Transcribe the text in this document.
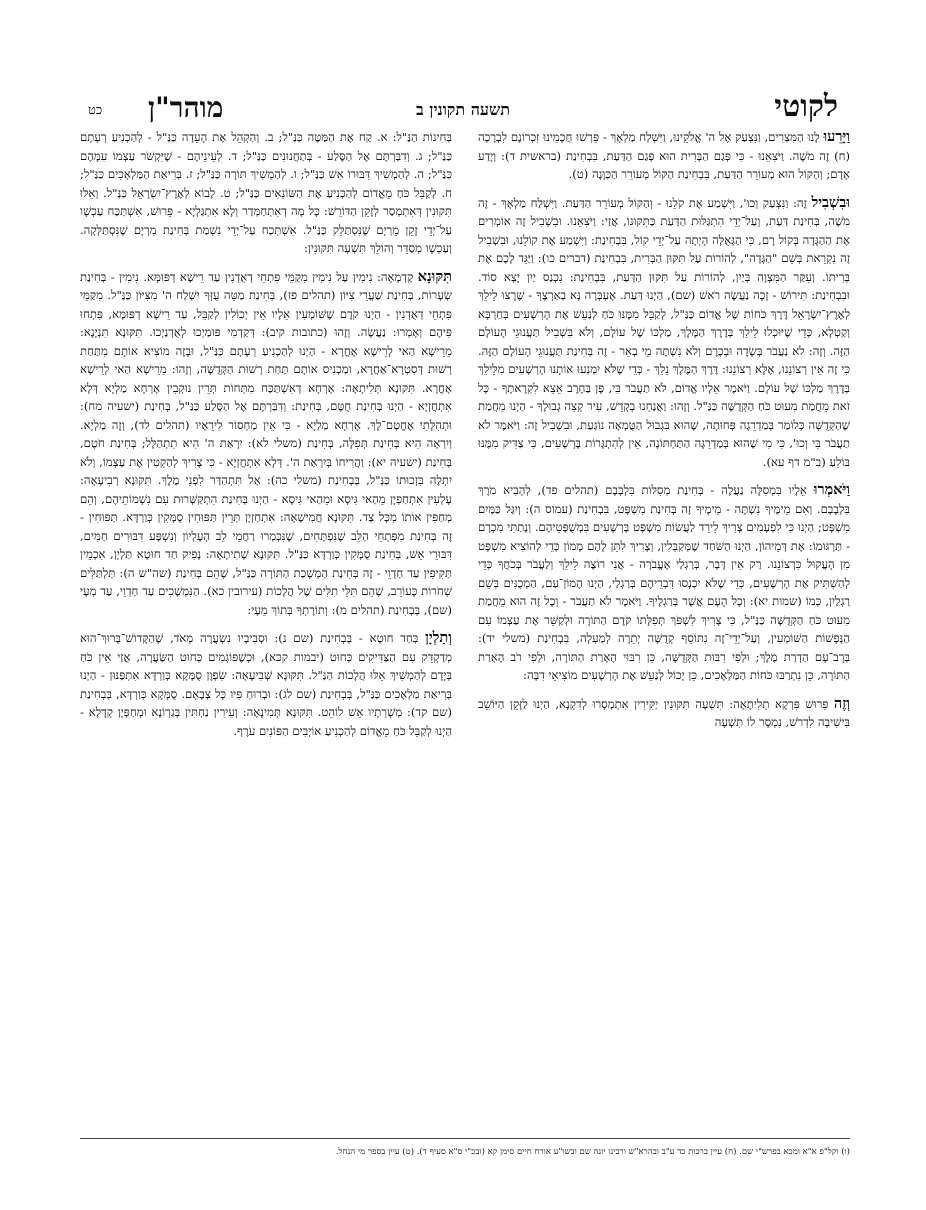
לקוטי
תשעה תקונין ב
מוהר"ן
כט

וַיָּרֵעוּ לָנוּ הַמִּצְרִים, וַנִּצְעַק אֶל ה' אֱלֹקֵינוּ, וַיִּשְׁלַח מַלְאָךְ - פֵּרְשׁוּ חֲכָמֵינוּ זִכְרוֹנָם לִבְרָכָה (ח) זֶה מֹשֶׁה. וַיֹּצִאֵנוּ - כִּי פְּגַם הַבְּרִית הוּא פְּגַם הַדַּעַת, בִּבְחִינַת (בראשית ד): וְיָדַע אָדָם; וְהַקּוֹל הוּא מְעוֹרֵר הַדַּעַת, בִּבְחִינַת הַקּוֹל מְעוֹרֵר הַכַּוָּנָה (ט).

וּבִשְׁבִיל זֶה: וַנִּצְעַק וְכוּ', וַיִּשְׁמַע אֶת קֹלֵנוּ - וְהַקּוֹל מְעוֹרֵר הַדַּעַת. וַיִּשְׁלַח מַלְאָךְ - זֶה מֹשֶׁה, בְּחִינַת דַּעַת, וְעַל־יְדֵי הִתְגַּלּוּת הַדַּעַת כַּתִּקּוּנוֹ, אֲזַי: וַיֹּצִאֵנוּ. וּבִשְׁבִיל זֶה אוֹמְרִים אֶת הַהַגָּדָה בְּקוֹל רָם, כִּי הַגְּאֻלָּה הָיְתָה עַל־יְדֵי קוֹל, בִּבְחִינַת: וַיִּשְׁמַע אֶת קוֹלֵנוּ, וּבִשְׁבִיל זֶה נִקְרֵאת בְּשֵׁם "הַגָּדָה", לְהוֹרוֹת עַל תִּקּוּן הַבְּרִית, בִּבְחִינַת (דברים כו): וַיַּגֵּד לָכֶם אֶת בְּרִיתוֹ. וְעִקַּר הַמִּצְוָה בְּיַיִן, לְהוֹרוֹת עַל תִּקּוּן הַדַּעַת, בִּבְחִינַת: נִכְנַס יַיִן יָצָא סוֹד. וּבִבְחִינַת: תִּירוֹשׁ - זָכָה נַעֲשֶׂה רֹאשׁ (שם), הַיְנוּ דַּעַת. אֶעְבְּרָה נָּא בְאַרְצֶךָ - שֶׁרָצוּ לֵילֵךְ לְאֶרֶץ־יִשְׂרָאֵל דֶּרֶךְ כֹּחוֹת שֶׁל אֱדוֹם כַּנַּ"ל, לְקַבֵּל מִמֶּנּוּ כֹּחַ לְנַעֵשׁ אֶת הָרְשָׁעִים בְּחַרְבָּא וְקַטְלָא, כְּדֵי שֶׁיּוּכְלוּ לֵילֵךְ בְּדֶרֶךְ הַמֶּלֶךְ, מַלְכּוֹ שֶׁל עוֹלָם, וְלֹא בִּשְׁבִיל תַּעֲנוּגֵי הָעוֹלָם הַזֶּה. וְזֶה: לֹא נַעֲבֹר בְּשָׂדֶה וּבְכֶרֶם וְלֹא נִשְׁתֶּה מֵי בְאֵר - זֶה בְּחִינַת תַּעֲנוּגֵי הָעוֹלָם הַזֶּה. כִּי זֶה אֵין רְצוֹנֵנוּ, אֶלָּא רְצוֹנֵנוּ: דֶּרֶךְ הַמֶּלֶךְ נֵלֵךְ - כְּדֵי שֶׁלֹּא יִמְנְעוּ אוֹתָנוּ הָרְשָׁעִים מִלֵּילֵךְ בְּדֶרֶךְ מַלְכּוֹ שֶׁל עוֹלָם. וַיֹּאמֶר אֵלָיו אֱדוֹם, לֹא תַעֲבֹר בִּי, פֶּן בַּחֶרֶב אֵצֵא לִקְרָאתֶךָ - כָּל זֹאת מֵחֲמַת מִעוּט כֹּחַ הַקְּדֻשָּׁה כַּנַּ"ל. וְזֶהוּ: וַאֲנַחְנוּ בְקָדֵשׁ, עִיר קְצֵה גְבוּלֶךָ - הַיְנוּ מֵחֲמַת שֶׁהַקְּדֻשָּׁה כְּלוֹמַר בְּמַדְרֵגָה פְּחוּתָה, שֶׁהוּא בִּגְבוּל הַטֻּמְאָה נוֹגַעַת, וּבִשְׁבִיל זֶה: וַיֹּאמֶר לֹא תַעֲבֹר בִּי וְכוּ', כִּי מִי שֶׁהוּא בְּמַדְרֵגָה הַתַּחְתּוֹנָה, אֵין לְהִתְגָּרוֹת בָּרְשָׁעִים, כִּי צַדִּיק מִמֶּנּוּ בּוֹלֵעַ (ב"מ דף עא).

וַיֹּאמְרוּ אֵלָיו בִּמְסִלָּה נַעֲלֶה - בְּחִינַת מְסִלּוֹת בִּלְבָבָם (תהלים פד), לְהָבִיא מֹרֶךְ בִּלְבָבָם. וְאִם מֵימֶיךָ נִשְׁתֶּה - מֵימֶיךָ זֶה בְּחִינַת מִשְׁפָּט, בִּבְחִינַת (עמוס ה): וְיִגַּל כַּמַּיִם מִשְׁפָּט; הַיְנוּ כִּי לִפְעָמִים צָרִיךְ לֵירֵד לַעֲשׂוֹת מִשְׁפָּט בָּרְשָׁעִים בִּמְשֻׁפָּטֵיהֶם. וְנָתַתִּי מִכְרָם - תַּרְגּוּמוֹ: אֶת דְּמֵיהוֹן, הַיְנוּ הַשֹּׁחַד שֶׁמְּקַבְּלִין, וְצָרִיךְ לִתֵּן לָהֶם מָמוֹן כְּדֵי לְהוֹצִיא מִשְׁפָּט מִן הָעֲקוּל כִּרְצוֹנֵנוּ. רַק אֵין דָּבָר, בְּרַגְלַי אֶעֱבֹרָה - אֲנִי רוֹצֶה לֵילֵךְ וְלַעֲבֹר בְּכֹחֲךָ כְּדֵי לְהַשְׁתִּיק אֶת הָרְשָׁעִים, כְּדֵי שֶׁלֹּא יִכְנְסוּ דִּבְרֵיהֶם בְּרַגְלַי, הַיְנוּ הֶמוֹן־עַם, הַמְכֻנִּים בְּשֵׁם רַגְלַיִן, כְּמוֹ (שמות יא): וְכָל הָעָם אֲשֶׁר בְּרַגְלֶיךָ. וַיֹּאמֶר לֹא תַעֲבֹר - וְכָל זֶה הוּא מֵחֲמַת מִעוּט כֹּחַ הַקְּדֻשָּׁה כַּנַּ"ל, כִּי צָרִיךְ לִשְׁפֹּךְ תְּפִלָּתוֹ קֹדֶם הַתּוֹרָה וּלְקַשֵּׁר אֶת עַצְמוֹ עִם הַנְּפָשׁוֹת הַשּׁוֹמְעִין, וְעַל־יְדֵי־זֶה נִתּוֹסֵף קְדֻשָּׁה יְתֵרָה לְמַעְלָה, בִּבְחִינַת (משלי יד): בְּרָב־עָם הַדְרַת מֶלֶךְ; וּלְפִי רִבּוּת הַקְּדֻשָּׁה, כֵּן רִבּוּי הֶאָרַת הַתּוֹרָה, וּלְפִי רֹב הֶאָרַת הַתּוֹרָה, כֵּן נִתְרַבּוּ כֹּחוֹת הַמַּלְאָכִים, כֵּן יָכוֹל לְנַעֵשׁ אֶת הָרְשָׁעִים מוֹצִיאֵי דִבָּה:

וְזֶה פֵּרוּשׁ פִּרְקָא תְלִיתָאָה: תִּשְׁעָה תִּקּוּנִין יַקִּירִין אִתְמְסָרוּ לְדִקְנָא, הַיְנוּ לַזָּקֵן הַיּוֹשֵׁב בִּישִׁיבָה לִדְרֹשׁ, נִמְסָר לוֹ תִּשְׁעָה

בְּחִינוֹת הַנַּ"ל: א. קַח אֶת הַמַּטֶּה כַּנַּ"ל; ב. וְהַקְהֵל אֶת הָעֵדָה כַּנַּ"ל - לְהַכְנִיעַ רְעָתָם כַּנַּ"ל; ג. וְדִבַּרְתֶּם אֶל הַסֶּלַע - בְּתַחֲנוּנִים כַּנַּ"ל; ד. לְעֵינֵיהֶם - שֶׁיִּקְשֹׁר עַצְמוֹ עִמָּהֶם כַּנַּ"ל; ה. לְהַמְשִׁיךְ דִּבּוּרוֹ אִשׁ כַּנַּ"ל; ו. לְהַמְשִׁיךְ תּוֹרָה כַּנַּ"ל; ז. בְּרִיאַת הַמַּלְאָכִים כַּנַּ"ל; ח. לְקַבֵּל כֹּחַ מֵאֱדוֹם לְהַכְנִיעַ אֶת הַשּׂוֹנְאִים כַּנַּ"ל; ט. לָבוֹא לְאֶרֶץ־יִשְׂרָאֵל כַּנַּ"ל. וְאֵלּוּ תִּקּוּנִין דְּאִתְמְסַר לְזָקֵן הַדּוֹרֵשׁ: כָּל מָה דְאִתְחַמְּדַר וְלָא אִתְגַּלְיָא - פֵּרוּשׁ, אִשְׁתַּכַּח עַכְשָׁו עַל־יְדֵי זָקֵן מֵרְיָם שֶׁנִּסְתַּלֵּק כַּנַּ"ל. אִשְׁתְּכַח עַל־יְדֵי נִשְׁמַת בְּחִינַת מִרְיָם שֶׁנִּסְתַּלְּקָה. וְעַכְשָׁו מְסַדֵּר וְהוֹלֵךְ תִּשְׁעָה תִּקּוּנִין:

תִּקּוּנָא קַדְמָאָה: נִימִין עַל נִימִין מִקַּמֵּי פִּתְחֵי דְאֻדְנִין עַד רֵישָׁא דְפּוּמָּא. נִימִין - בְּחִינַת שְׂעָרוֹת, בְּחִינַת שַׁעֲרֵי צִיּוֹן (תהלים פז), בְּחִינַת מַטֵּה עֻזְּךָ יִשְׁלַח ה' מִצִּיּוֹן כַּנַּ"ל. מִקַּמֵּי פִּתְחֵי דְאֻדְנִין - הַיְנוּ קֹדֶם שֶׁשּׁוֹמְעִין אֵלָיו אֵין יְכוֹלִין לְקַבֵּל, עַד רֵישָׁא דְפּוּמָּא, פִּתְחוּ פִּיהֶם וְאָמְרוּ: נַעֲשֶׂה. וְזֶהוּ (כתובות קיב): דְּקַדְמִי פּוּמַיְכוּ לְאֻדְנַיְכוּ. תִּקּוּנָא תִּנְיָנָא: מֵרֵישָׁא הַאי לְרֵישָׁא אָחֳרָא - הַיְנוּ לְהַכְנִיעַ רְעָתָם כַּנַּ"ל, וּבָזֶה מוֹצִיא אוֹתָם מִתַּחַת רְשׁוּת דְּסִטְרָא־אַחֲרָא, וּמַכְנִיס אוֹתָם תַּחַת רְשׁוּת הַקְּדֻשָּׁה, וְזֶהוּ: מֵרֵישָׁא הַאי לְרֵישָׁא אָחֳרָא. תִּקּוּנָא תְּלִיתָאָה: אָרְחָא דְּאִשְׁתַּכַּח מִתְּחוֹת תְּרֵין נוּקְבִין אָרְחָא מַלְיָא דְּלָא אִתְחֲזְיָא - הַיְנוּ בְּחִינַת חֻטֶּם, בְּחִינַת: וְדִבַּרְתֶּם אֶל הַסֶּלַע כַּנַּ"ל, בְּחִינַת (ישעיה מח): וּתְהִלָּתִי אֶחֱטָם־לָךְ. אָרְחָא מַלְיָא - כִּי אֵין מַחְסוֹר לִירֵאָיו (תהלים לד), וְזֶה מַלְיָא. וְיִרְאָה הִיא בְּחִינַת תְּפִלָּה, בְּחִינַת (משלי לא): יִרְאַת ה' הִיא תִתְהַלָּל; בְּחִינַת חֹטֶם, בְּחִינַת (ישעיה יא): וַהֲרִיחוֹ בְּיִרְאַת ה'. דְּלָא אִתְחֲזְיָא - כִּי צָרִיךְ לְהַקְטִין אֶת עַצְמוֹ, וְלֹא יִתְלֶה בִּזְכוּתוֹ כַּנַּ"ל, בְּבְחִינַת (משלי כה): אַל תִּתְהַדַּר לִפְנֵי מֶלֶךְ. תִּקּוּנָא רְבִיעָאָה: עָלְעִין אִתְחַפְיָן מֵהַאי גִּיסָא וּמֵהַאי גִּיסָא - הַיְנוּ בְּחִינַת הִתְקַשְּׁרוּת עִם נִשְׁמוֹתֵיהֶם, וְהֵם מְחַפִּין אוֹתוֹ מִכָּל צַד. תִּקּוּנָא חֲמִישָׁאָה: אִתְחַזְיָן תְּרֵין תַּפּוּחִין סֻמָּקִין כְּוַרְדָּא. תַּפּוּחִין - זֶה בְּחִינַת מִפְּתְחֵי הַלֵּב שֶׁנִּפְתָּחִים, שֶׁנִּכְמְרוּ רַחֲמֵי לֵב הָעֶלְיוֹן וְנִשְׁפָּע דִּבּוּרִים חַמִּים, דִּבּוּרֵי אֵשׁ, בְּחִינַת סֻמָּקִין כְּוַרְדָּא כַּנַּ"ל. תִּקּוּנָא שְׁתִיתָאָה: נָפִיק חַד חוּטָא תַּלְיָן, אִכְמֵין תַּקִּיפִין עַד חַדְוֵי - זֶה בְּחִינַת הַמְשָׁכַת הַתּוֹרָה כַּנַּ"ל, שֶׁהֵם בְּחִינַת (שה"ש ה): תַּלְתַּלִּים שְׁחֹרוֹת כָּעוֹרֵב, שֶׁהֵם תִּלֵּי תִלִּים שֶׁל הֲלָכוֹת (עירובין כא). הַנִּמְשָׁכִים עַד חַדְוֵי, עַד מְעָי (שם), בְּבְחִינַת (תהלים מ): וְתוֹרָתְךָ בְּתוֹךְ מֵעָי:

וְתַלְיָן בְּחַד חוּטָא - בְּבְחִינַת (שם נ): וּסְבִיבָיו נִשְׂעֲרָה מְאֹד, שֶׁהַקָּדוֹשׁ־בָּרוּךְ־הוּא מְדַקְדֵּק עִם הַצַּדִּיקִים כְּחוּט (יבמות קכא), וּכְשֶׁפּוֹגְמִים כְּחוּט הַשַּׂעֲרָה, אֲזַי אֵין כֹּחַ בְּיָדָם לְהַמְשִׁיךְ אֵלּוּ הֲלָכוֹת הַנַּ"ל. תִּקּוּנָא שְׁבִיעָאָה: שִׂפְוָן סֻמָּקָא כְּוַרְדָּא אִתְפַּנּוּן - הַיְנוּ בְּרִיאַת מַלְאָכִים כַּנַּ"ל, בְּבְחִינַת (שם לג): וּבְרוּחַ פִּיו כָּל צְבָאָם. סֻמָּקָא כְּוַרְדָּא, בְּבְחִינַת (שם קד): מְשָׁרְתָיו אֵשׁ לוֹהֵט. תִּקּוּנָא תְּמִינָאָה: וְעֵירִין נַחְתִּין בְּגַרְוֹנָא וּמְחַפְּיָן קְדָלָא - הַיְנוּ לְקַבֵּל כֹּחַ מֵאֱדוֹם לְהַכְנִיעַ אוֹיְבִים הַפּוֹנִים עֹרֶף.

(ו) וקל"פ א"א ומכא בפרש"י שם. (ח) עיין ברכות כד ע"ב ובהרא"ש ורבינו יונה שם ובשו"ע אורח חיים סימן קא (ובכ"י ס"א סעיף ד). (ט) עיין בספר מי הנחל.
